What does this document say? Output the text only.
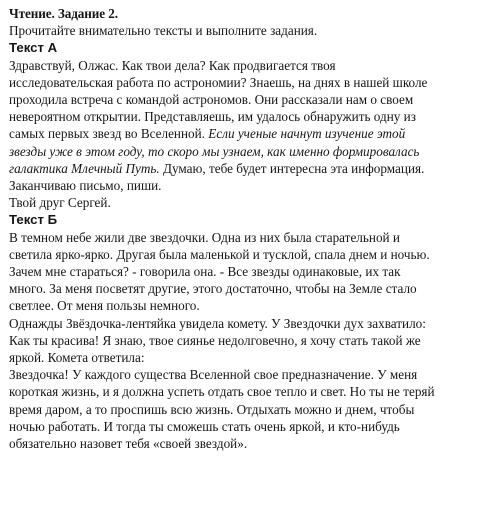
Чтение. Задание 2.
Прочитайте внимательно тексты и выполните задания.
Текст А
Здравствуй, Олжас. Как твои дела? Как продвигается твоя
исследовательская работа по астрономии? Знаешь, на днях в нашей школе
проходила встреча с командой астрономов. Они рассказали нам о своем
невероятном открытии. Представляешь, им удалось обнаружить одну из
самых первых звезд во Вселенной. Если ученые начнут изучение этой
звезды уже в этом году, то скоро мы узнаем, как именно формировалась
галактика Млечный Путь. Думаю, тебе будет интересна эта информация.
Заканчиваю письмо, пиши.
Твой друг Сергей.
Текст Б
В темном небе жили две звездочки. Одна из них была старательной и
светила ярко-ярко. Другая была маленькой и тусклой, спала днем и ночью.
Зачем мне стараться? - говорила она. - Все звезды одинаковые, их так
много. За меня посветят другие, этого достаточно, чтобы на Земле стало
светлее. От меня пользы немного.
Однажды Звёздочка-лентяйка увидела комету. У Звездочки дух захватило:
Как ты красива! Я знаю, твое сиянье недолговечно, я хочу стать такой же
яркой. Комета ответила:
Звездочка! У каждого существа Вселенной свое предназначение. У меня
короткая жизнь, и я должна успеть отдать свое тепло и свет. Но ты не теряй
время даром, а то проспишь всю жизнь. Отдыхать можно и днем, чтобы
ночью работать. И тогда ты сможешь стать очень яркой, и кто-нибудь
обязательно назовет тебя «своей звездой».
